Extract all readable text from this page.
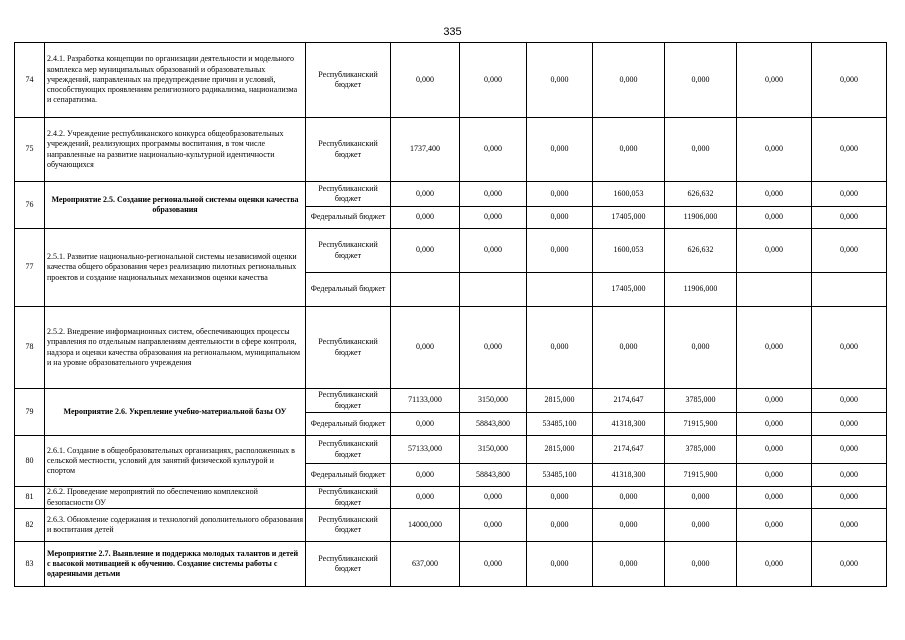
335
74	2.4.1. Разработка концепции по организации деятельности и модельного комплекса мер муниципальных образований и образовательных учреждений, направленных на предупреждение причин и условий, способствующих проявлениям религиозного радикализма, национализма и сепаратизма.	Республиканский бюджет	0,000	0,000	0,000	0,000	0,000	0,000	0,000
75	2.4.2. Учреждение республиканского конкурса общеобразовательных учреждений, реализующих программы воспитания, в том числе направленные на развитие национально-культурной идентичности обучающихся	Республиканский бюджет	1737,400	0,000	0,000	0,000	0,000	0,000	0,000
76	Мероприятие 2.5. Создание региональной системы оценки качества образования	Республиканский бюджет	0,000	0,000	0,000	1600,053	626,632	0,000	0,000
		Федеральный бюджет	0,000	0,000	0,000	17405,000	11906,000	0,000	0,000
77	2.5.1. Развитие национально-региональной системы независимой оценки качества общего образования через реализацию пилотных региональных проектов и создание национальных механизмов оценки качества	Республиканский бюджет	0,000	0,000	0,000	1600,053	626,632	0,000	0,000
		Федеральный бюджет				17405,000	11906,000		
78	2.5.2. Внедрение информационных систем, обеспечивающих процессы управления по отдельным направлениям деятельности в сфере контроля, надзора и оценки качества образования на региональном, муниципальном и на уровне образовательного учреждения	Республиканский бюджет	0,000	0,000	0,000	0,000	0,000	0,000	0,000
79	Мероприятие 2.6. Укрепление учебно-материальной базы ОУ	Республиканский бюджет	71133,000	3150,000	2815,000	2174,647	3785,000	0,000	0,000
		Федеральный бюджет	0,000	58843,800	53485,100	41318,300	71915,900	0,000	0,000
80	2.6.1. Создание в общеобразовательных организациях, расположенных в сельской местности, условий для занятий физической культурой и спортом	Республиканский бюджет	57133,000	3150,000	2815,000	2174,647	3785,000	0,000	0,000
		Федеральный бюджет	0,000	58843,800	53485,100	41318,300	71915,900	0,000	0,000
81	2.6.2. Проведение мероприятий по обеспечению комплексной безопасности ОУ	Республиканский бюджет	0,000	0,000	0,000	0,000	0,000	0,000	0,000
82	2.6.3. Обновление содержания и технологий дополнительного образования и воспитания детей	Республиканский бюджет	14000,000	0,000	0,000	0,000	0,000	0,000	0,000
83	Мероприятие 2.7. Выявление и поддержка молодых талантов и детей с высокой мотивацией к обучению. Создание системы работы с одаренными детьми	Республиканский бюджет	637,000	0,000	0,000	0,000	0,000	0,000	0,000
